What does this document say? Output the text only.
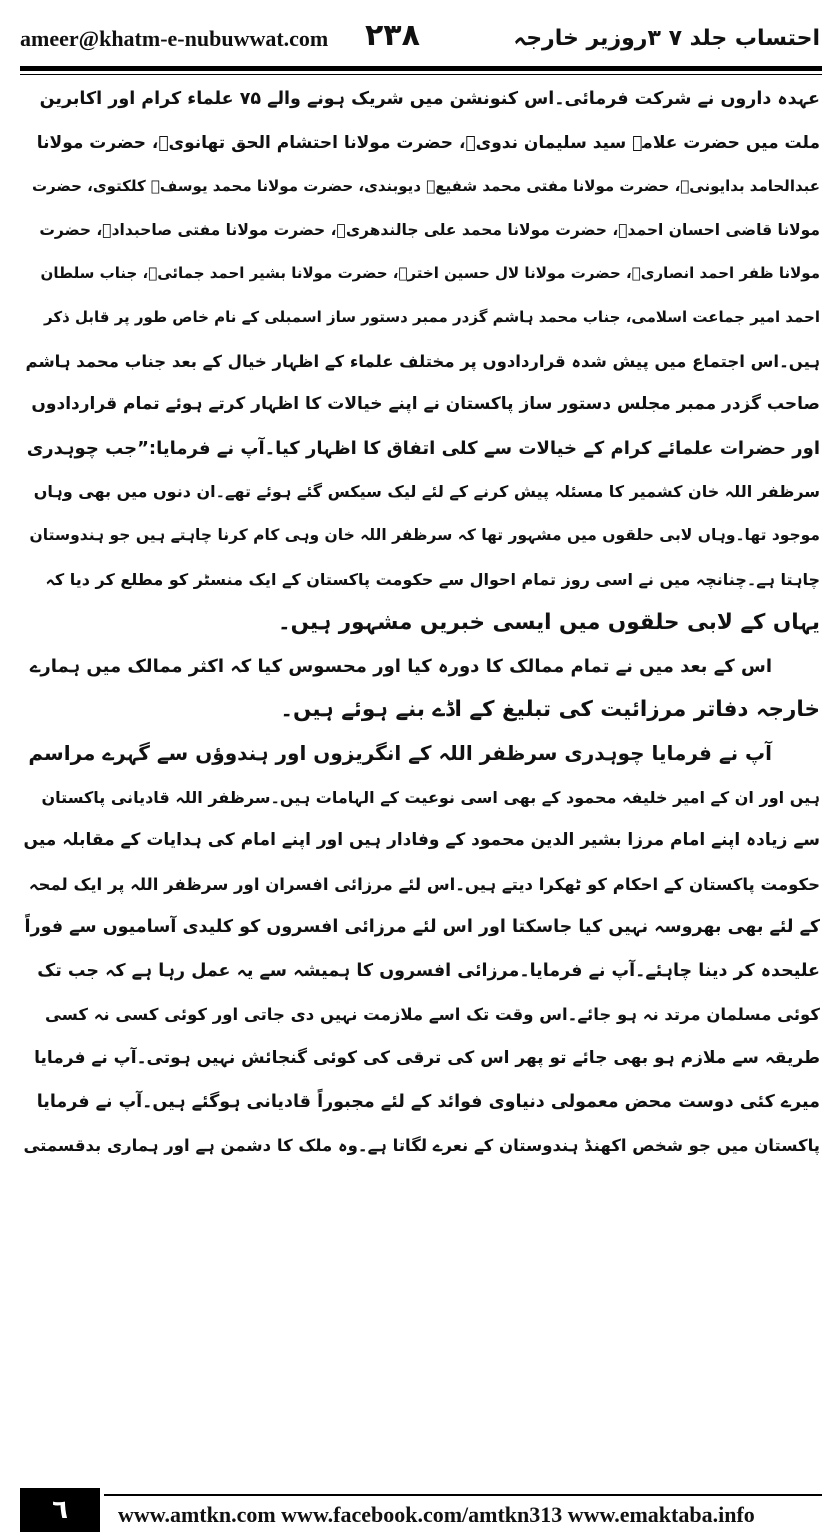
ameer@khatm-e-nubuwwat.com ۲۳۸	احتساب جلد ۷ ۳روزیر خارجہ
عہدہ داروں نے شرکت فرمائی۔اس کنونشن میں شریک ہونے والے ۷۵ علماء کرام اور اکابرین
ملت میں حضرت علامہ سید سلیمان ندویؒ، حضرت مولانا احتشام الحق تھانویؒ، حضرت مولانا
عبدالحامد بدایونیؒ، حضرت مولانا مفتی محمد شفیعؒ دیوبندی، حضرت مولانا محمد یوسفؒ کلکتوی، حضرت
مولانا قاضی احسان احمدؒ، حضرت مولانا محمد علی جالندھریؒ، حضرت مولانا مفتی صاحبدادؒ، حضرت
مولانا ظفر احمد انصاریؒ، حضرت مولانا لال حسین اخترؒ، حضرت مولانا بشیر احمد جمائیؒ، جناب سلطان
احمد امیر جماعت اسلامی، جناب محمد ہاشم گزدر ممبر دستور ساز اسمبلی کے نام خاص طور پر قابل ذکر
ہیں۔اس اجتماع میں پیش شدہ قراردادوں پر مختلف علماء کے اظہار خیال کے بعد جناب محمد ہاشم
صاحب گزدر ممبر مجلس دستور ساز پاکستان نے اپنے خیالات کا اظہار کرتے ہوئے تمام قراردادوں
اور حضرات علمائے کرام کے خیالات سے کلی اتفاق کا اظہار کیا۔آپ نے فرمایا:”جب چوہدری
سرظفر اللہ خان کشمیر کا مسئلہ پیش کرنے کے لئے لیک سیکس گئے ہوئے تھے۔ان دنوں میں بھی وہاں
موجود تھا۔وہاں لابی حلقوں میں مشہور تھا کہ سرظفر اللہ خان وہی کام کرنا چاہتے ہیں جو ہندوستان
چاہتا ہے۔چنانچہ میں نے اسی روز تمام احوال سے حکومت پاکستان کے ایک منسٹر کو مطلع کر دیا کہ
یہاں کے لابی حلقوں میں ایسی خبریں مشہور ہیں۔
اس کے بعد میں نے تمام ممالک کا دورہ کیا اور محسوس کیا کہ اکثر ممالک میں ہمارے
خارجہ دفاتر مرزائیت کی تبلیغ کے اڈے بنے ہوئے ہیں۔
آپ نے فرمایا چوہدری سرظفر اللہ کے انگریزوں اور ہندوؤں سے گہرے مراسم
ہیں اور ان کے امیر خلیفہ محمود کے بھی اسی نوعیت کے الہامات ہیں۔سرظفر اللہ قادیانی پاکستان
سے زیادہ اپنے امام مرزا بشیر الدین محمود کے وفادار ہیں اور اپنے امام کی ہدایات کے مقابلہ میں
حکومت پاکستان کے احکام کو ٹھکرا دیتے ہیں۔اس لئے مرزائی افسران اور سرظفر اللہ پر ایک لمحہ
کے لئے بھی بھروسہ نہیں کیا جاسکتا اور اس لئے مرزائی افسروں کو کلیدی آسامیوں سے فوراً
علیحدہ کر دینا چاہئے۔آپ نے فرمایا۔مرزائی افسروں کا ہمیشہ سے یہ عمل رہا ہے کہ جب تک
کوئی مسلمان مرتد نہ ہو جائے۔اس وقت تک اسے ملازمت نہیں دی جاتی اور کوئی کسی نہ کسی
طریقہ سے ملازم ہو بھی جائے تو پھر اس کی ترقی کی کوئی گنجائش نہیں ہوتی۔آپ نے فرمایا
میرے کئی دوست محض معمولی دنیاوی فوائد کے لئے مجبوراً قادیانی ہوگئے ہیں۔آپ نے فرمایا
پاکستان میں جو شخص اکھنڈ ہندوستان کے نعرے لگاتا ہے۔وہ ملک کا دشمن ہے اور ہماری بدقسمتی
٦	www.amtkn.com www.facebook.com/amtkn313 www.emaktaba.info
